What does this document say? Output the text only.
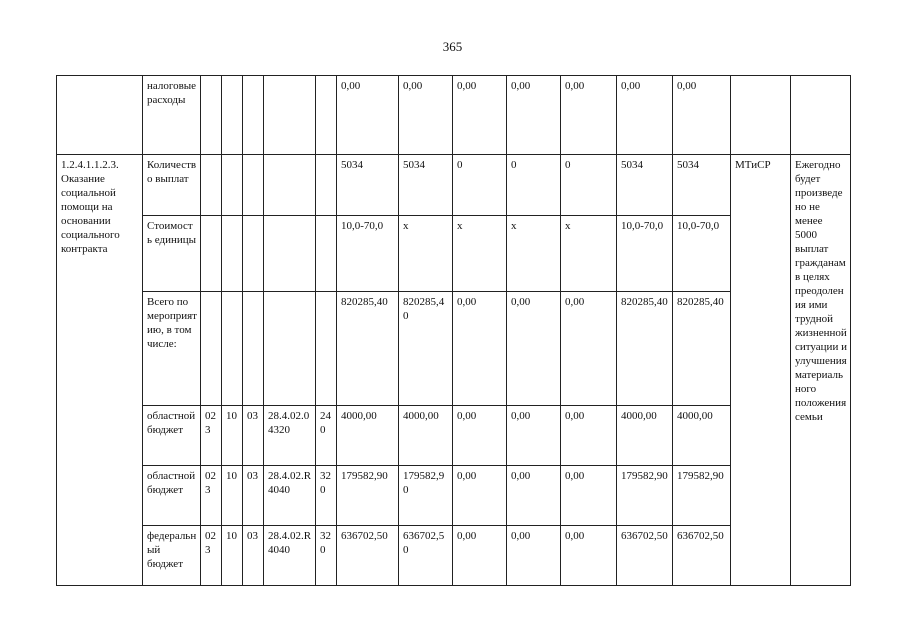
365
	налоговые расходы						0,00	0,00	0,00	0,00	0,00	0,00	0,00		
1.2.4.1.1.2.3. Оказание социальной помощи на основании социального контракта	Количество выплат						5034	5034	0	0	0	5034	5034	МТиСР	Ежегодно будет произведено не менее 5000 выплат гражданам в целях преодоления ими трудной жизненной ситуации и улучшения материального положения семьи
	Стоимость единицы						10,0-70,0	х	х	х	х	10,0-70,0	10,0-70,0		
	Всего по мероприятию, в том числе:						820285,40	820285,40	0,00	0,00	0,00	820285,40	820285,40		
	областной бюджет	023	10	03	28.4.02.04320	240	4000,00	4000,00	0,00	0,00	0,00	4000,00	4000,00		
	областной бюджет	023	10	03	28.4.02.R4040	320	179582,90	179582,90	0,00	0,00	0,00	179582,90	179582,90		
	федеральный бюджет	023	10	03	28.4.02.R4040	320	636702,50	636702,50	0,00	0,00	0,00	636702,50	636702,50		
